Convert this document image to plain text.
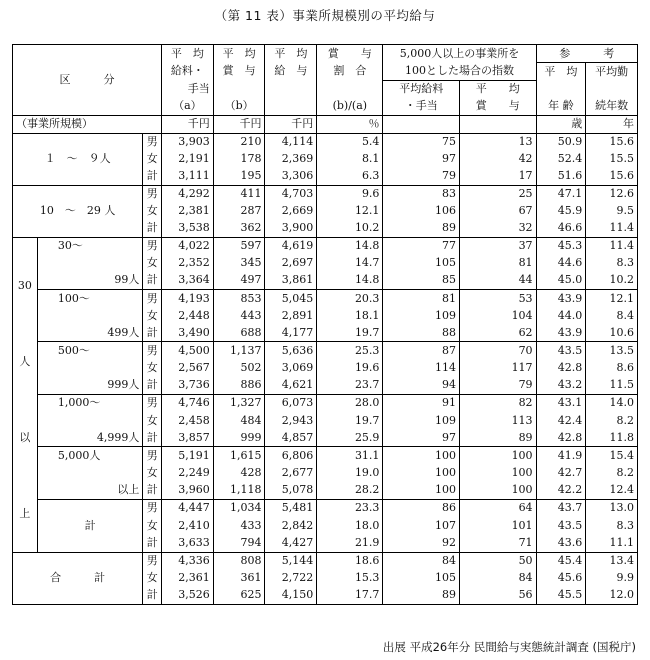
（第 11 表）事業所規模別の平均給与
区　　　分			平　均	平　均	平　均	賞　　与	5,000人以上の事業所を		参　　　考	
			給料・	賞　与	給　与	割　合	100とした場合の指数		平　均	平均勤
			手当				平均給料	平　　均		
			（a）	（b）		(b)/(a)	・手当	賞　　与	年 齢	続年数
（事業所規模）			千円	千円	千円	％			歳	年
１　～　９人		男	3,903	210	4,114	5.4	75	13	50.9	15.6
		女	2,191	178	2,369	8.1	97	42	52.4	15.5
		計	3,111	195	3,306	6.3	79	17	51.6	15.6
10　～　29 人		男	4,292	411	4,703	9.6	83	25	47.1	12.6
		女	2,381	287	2,669	12.1	106	67	45.9	9.5
		計	3,538	362	3,900	10.2	89	32	46.6	11.4

30
人
以
上	30～	男	4,022	597	4,619	14.8	77	37	45.3	11.4
		女	2,352	345	2,697	14.7	105	81	44.6	8.3
	99人	計	3,364	497	3,861	14.8	85	44	45.0	10.2
	100～	男	4,193	853	5,045	20.3	81	53	43.9	12.1
		女	2,448	443	2,891	18.1	109	104	44.0	8.4
	499人	計	3,490	688	4,177	19.7	88	62	43.9	10.6
	500～	男	4,500	1,137	5,636	25.3	87	70	43.5	13.5
		女	2,567	502	3,069	19.6	114	117	42.8	8.6
	999人	計	3,736	886	4,621	23.7	94	79	43.2	11.5
	1,000～	男	4,746	1,327	6,073	28.0	91	82	43.1	14.0
		女	2,458	484	2,943	19.7	109	113	42.4	8.2
	4,999人	計	3,857	999	4,857	25.9	97	89	42.8	11.8
	5,000人	男	5,191	1,615	6,806	31.1	100	100	41.9	15.4
		女	2,249	428	2,677	19.0	100	100	42.7	8.2
	以上	計	3,960	1,118	5,078	28.2	100	100	42.2	12.4
		男	4,447	1,034	5,481	23.3	86	64	43.7	13.0
	計	女	2,410	433	2,842	18.0	107	101	43.5	8.3
		計	3,633	794	4,427	21.9	92	71	43.6	11.1
合　　　計		男	4,336	808	5,144	18.6	84	50	45.4	13.4
		女	2,361	361	2,722	15.3	105	84	45.6	9.9
		計	3,526	625	4,150	17.7	89	56	45.5	12.0
出展 平成26年分 民間給与実態統計調査 (国税庁)
